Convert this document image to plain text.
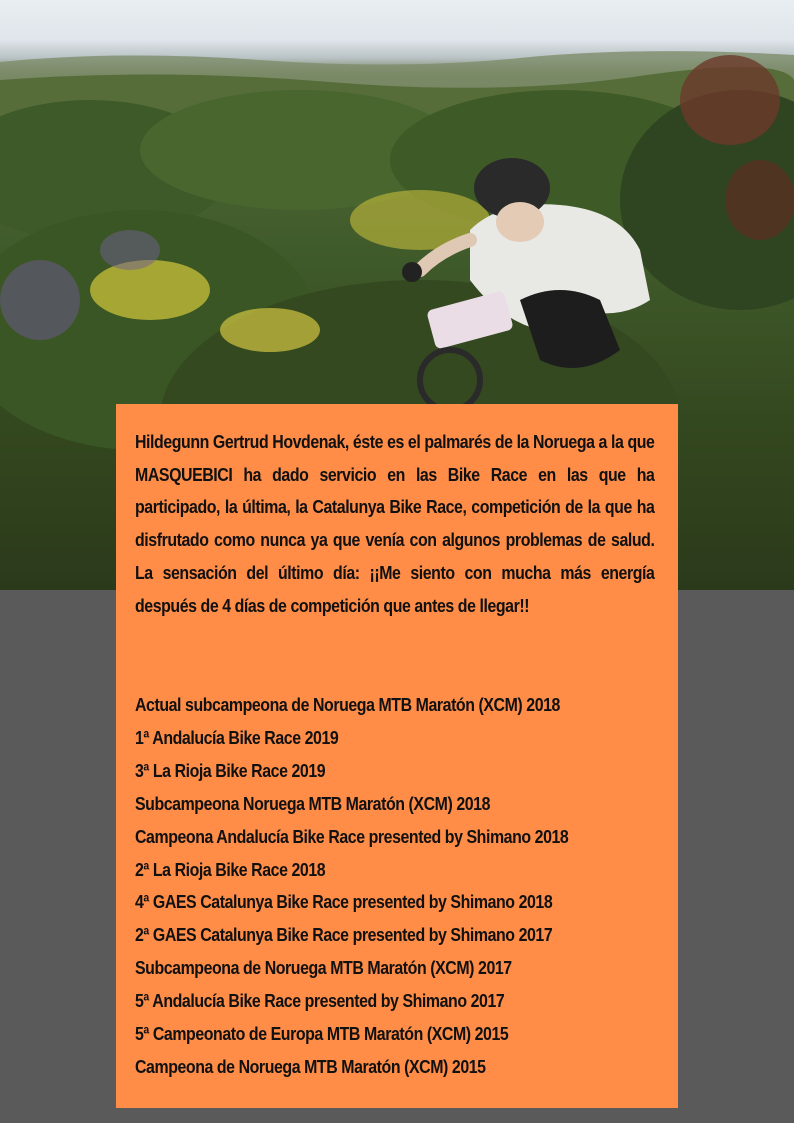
Hildegunn Gertrud Hovdenak, éste es el palmarés de la Noruega a la que MASQUEBICI ha dado servicio en las Bike Race en las que ha participado, la última, la Catalunya Bike Race, competición de la que ha disfrutado como nunca ya que venía con algunos problemas de salud. La sensación del último día: ¡¡Me siento con mucha más energía después de 4 días de competición que antes de llegar!!

Actual subcampeona de Noruega MTB Maratón (XCM) 2018
1ª Andalucía Bike Race 2019
3ª La Rioja Bike Race 2019
Subcampeona Noruega MTB Maratón (XCM) 2018
Campeona Andalucía Bike Race presented by Shimano 2018
2ª La Rioja Bike Race 2018
4ª GAES Catalunya Bike Race presented by Shimano 2018
2ª GAES Catalunya Bike Race presented by Shimano 2017
Subcampeona de Noruega MTB Maratón (XCM) 2017
5ª Andalucía Bike Race presented by Shimano 2017
5ª Campeonato de Europa MTB Maratón (XCM) 2015
Campeona de Noruega MTB Maratón (XCM) 2015
